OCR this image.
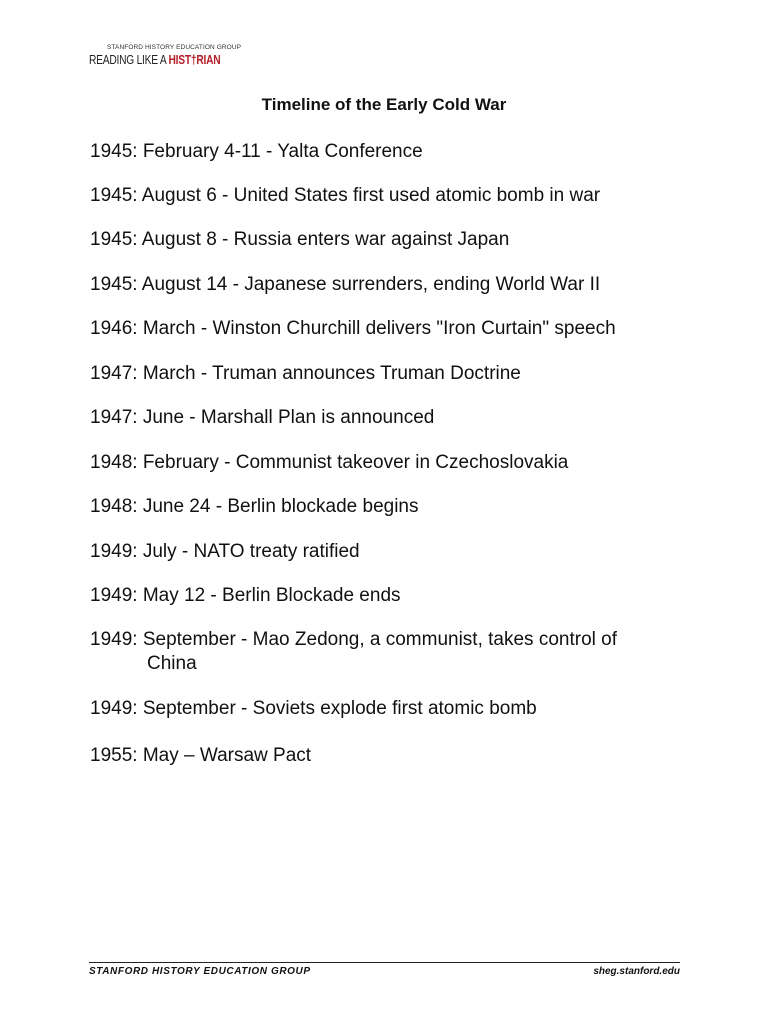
STANFORD HISTORY EDUCATION GROUP
READING LIKE A HIST†RIAN
Timeline of the Early Cold War
1945: February 4-11 - Yalta Conference
1945: August 6 - United States first used atomic bomb in war
1945: August 8 - Russia enters war against Japan
1945: August 14 - Japanese surrenders, ending World War II
1946: March - Winston Churchill delivers "Iron Curtain" speech
1947: March - Truman announces Truman Doctrine
1947: June - Marshall Plan is announced
1948: February - Communist takeover in Czechoslovakia
1948: June 24 - Berlin blockade begins
1949: July - NATO treaty ratified
1949: May 12 - Berlin Blockade ends
1949: September - Mao Zedong, a communist, takes control of
China
1949: September - Soviets explode first atomic bomb
1955: May – Warsaw Pact
STANFORD HISTORY EDUCATION GROUP	sheg.stanford.edu
